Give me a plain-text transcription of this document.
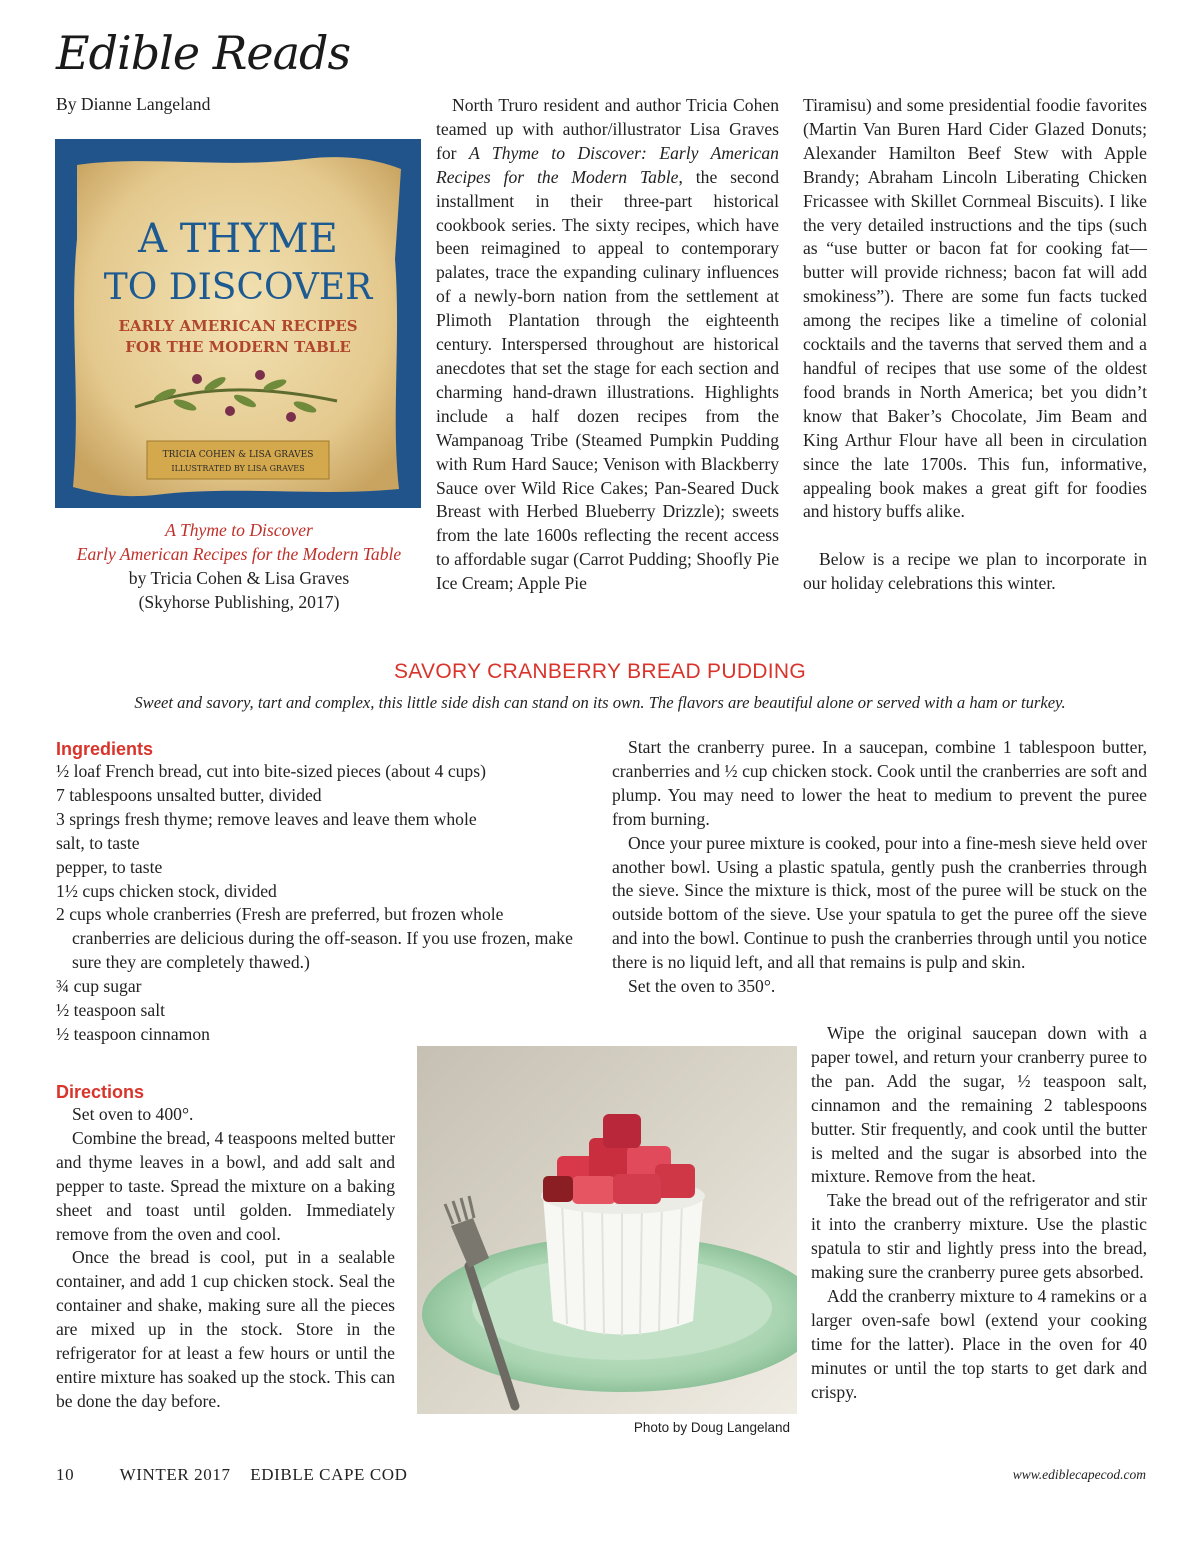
Edible Reads
By Dianne Langeland
A THYME
TO DISCOVER
EARLY AMERICAN RECIPES
FOR THE MODERN TABLE
TRICIA COHEN & LISA GRAVES
ILLUSTRATED BY LISA GRAVES
A Thyme to Discover
Early American Recipes for the Modern Table
by Tricia Cohen & Lisa Graves
(Skyhorse Publishing, 2017)

North Truro resident and author Tricia Cohen teamed up with author/illustrator Lisa Graves for A Thyme to Discover: Early American Recipes for the Modern Table, the second installment in their three-part historical cookbook series. The sixty recipes, which have been reimagined to appeal to contemporary palates, trace the expanding culinary influences of a newly-born nation from the settlement at Plimoth Plantation through the eighteenth century. Interspersed throughout are historical anecdotes that set the stage for each section and charming hand-drawn illustrations. Highlights include a half dozen recipes from the Wampanoag Tribe (Steamed Pumpkin Pudding with Rum Hard Sauce; Venison with Blackberry Sauce over Wild Rice Cakes; Pan-Seared Duck Breast with Herbed Blueberry Drizzle); sweets from the late 1600s reflecting the recent access to affordable sugar (Carrot Pudding; Shoofly Pie Ice Cream; Apple Pie

Tiramisu) and some presidential foodie favorites (Martin Van Buren Hard Cider Glazed Donuts; Alexander Hamilton Beef Stew with Apple Brandy; Abraham Lincoln Liberating Chicken Fricassee with Skillet Cornmeal Biscuits). I like the very detailed instructions and the tips (such as “use butter or bacon fat for cooking fat—butter will provide richness; bacon fat will add smokiness”). There are some fun facts tucked among the recipes like a timeline of colonial cocktails and the taverns that served them and a handful of recipes that use some of the oldest food brands in North America; bet you didn’t know that Baker’s Chocolate, Jim Beam and King Arthur Flour have all been in circulation since the late 1700s. This fun, informative, appealing book makes a great gift for foodies and history buffs alike.

Below is a recipe we plan to incorporate in our holiday celebrations this winter.

SAVORY CRANBERRY BREAD PUDDING
Sweet and savory, tart and complex, this little side dish can stand on its own. The flavors are beautiful alone or served with a ham or turkey.
Ingredients
½ loaf French bread, cut into bite-sized pieces (about 4 cups)
7 tablespoons unsalted butter, divided
3 springs fresh thyme; remove leaves and leave them whole
salt, to taste
pepper, to taste
1½ cups chicken stock, divided
2 cups whole cranberries (Fresh are preferred, but frozen whole cranberries are delicious during the off-season. If you use frozen, make sure they are completely thawed.)
¾ cup sugar
½ teaspoon salt
½ teaspoon cinnamon
Directions

Set oven to 400°.

Combine the bread, 4 teaspoons melted butter and thyme leaves in a bowl, and add salt and pepper to taste. Spread the mixture on a baking sheet and toast until golden. Immediately remove from the oven and cool.

Once the bread is cool, put in a sealable container, and add 1 cup chicken stock. Seal the container and shake, making sure all the pieces are mixed up in the stock. Store in the refrigerator for at least a few hours or until the entire mixture has soaked up the stock. This can be done the day before.

Start the cranberry puree. In a saucepan, combine 1 tablespoon butter, cranberries and ½ cup chicken stock. Cook until the cranberries are soft and plump. You may need to lower the heat to medium to prevent the puree from burning.

Once your puree mixture is cooked, pour into a fine-mesh sieve held over another bowl. Using a plastic spatula, gently push the cranberries through the sieve. Since the mixture is thick, most of the puree will be stuck on the outside bottom of the sieve. Use your spatula to get the puree off the sieve and into the bowl. Continue to push the cranberries through until you notice there is no liquid left, and all that remains is pulp and skin.

Set the oven to 350°.

Wipe the original saucepan down with a paper towel, and return your cranberry puree to the pan. Add the sugar, ½ teaspoon salt, cinnamon and the remaining 2 tablespoons butter. Stir frequently, and cook until the butter is melted and the sugar is absorbed into the mixture. Remove from the heat.

Take the bread out of the refrigerator and stir it into the cranberry mixture. Use the plastic spatula to stir and lightly press into the bread, making sure the cranberry puree gets absorbed.

Add the cranberry mixture to 4 ramekins or a larger oven-safe bowl (extend your cooking time for the latter). Place in the oven for 40 minutes or until the top starts to get dark and crispy.

Photo by Doug Langeland
10	WINTER 2017 EDIBLE CAPE COD	www.ediblecapecod.com
